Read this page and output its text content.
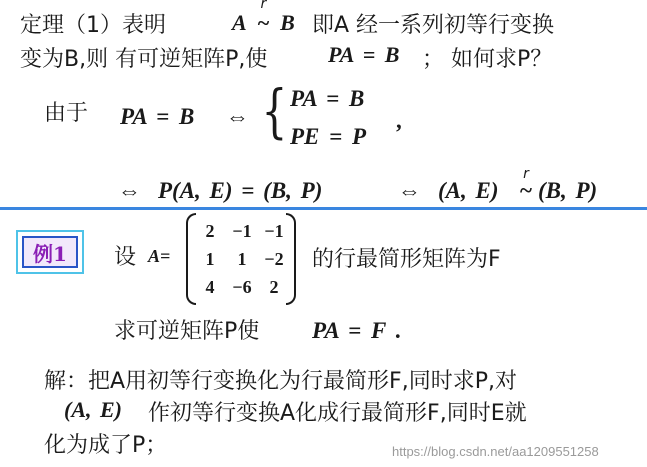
定理（1）表明	A
r
~ B 即A 经一系列初等行变换
变为B,则 有可逆矩阵P,使	PA = B ； 如何求P？
由于 PA = B ⇔ { PA = B
PE = P
,
⇔ P(A, E) = (B, P)	⇔ (A, E)
r
~ (B, P)
例1	设 A=
2	−1	−1
1	1	−2
4	−6	2
的行最简形矩阵为F
求可逆矩阵P使 PA = F .
解：把A用初等行变换化为行最简形F,同时求P,对
(A, E) 作初等行变换A化成行最简形F,同时E就
化为成了P；	https://blog.csdn.net/aa1209551258
